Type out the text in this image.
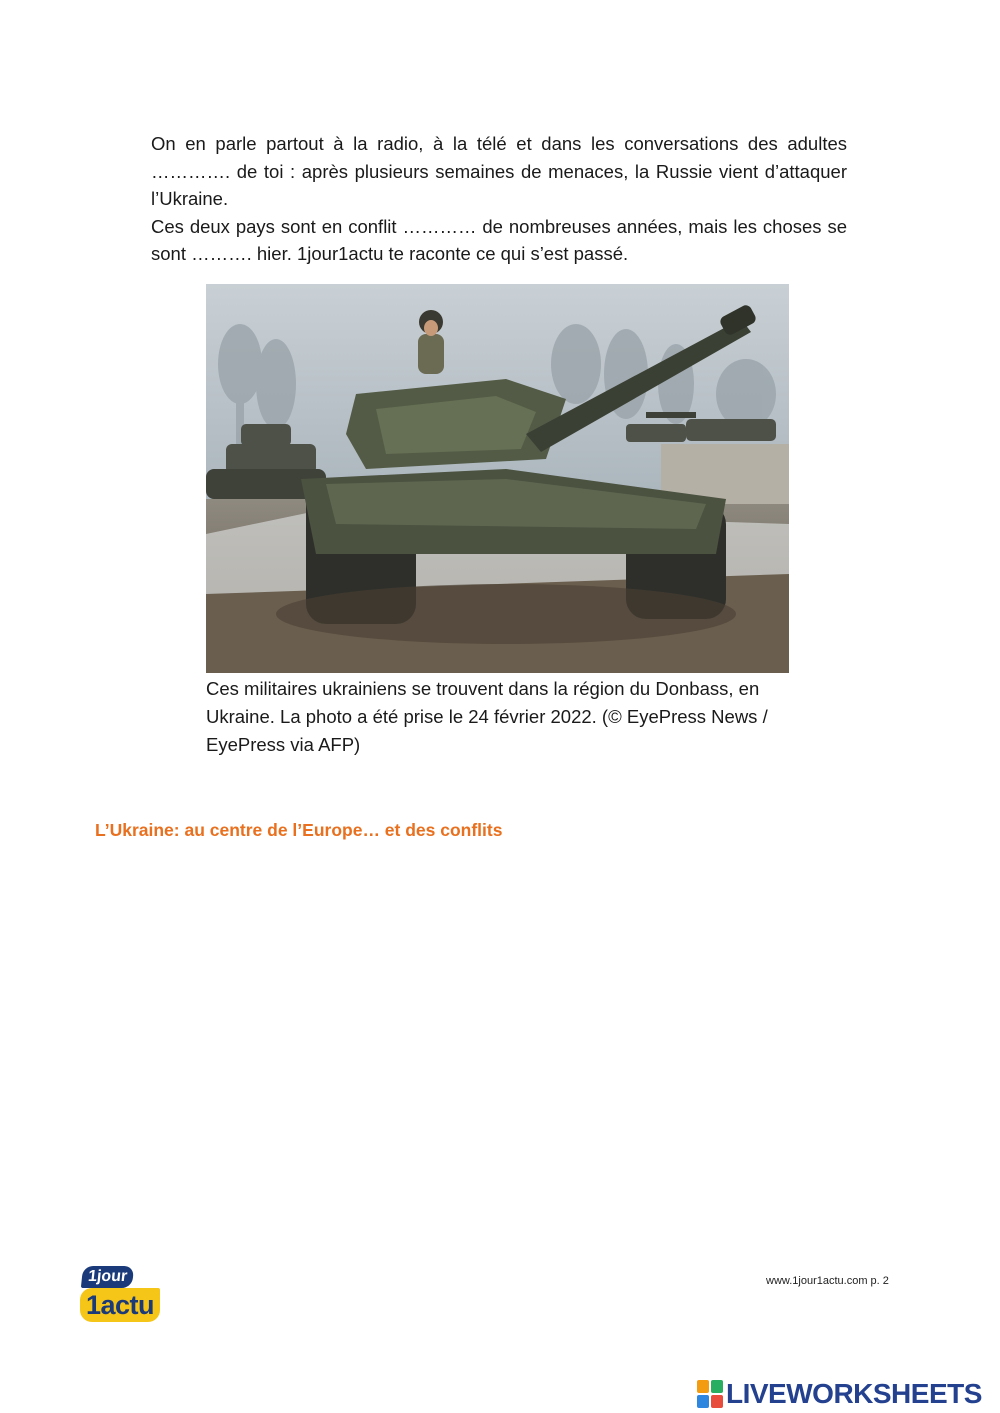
On en parle partout à la radio, à la télé et dans les conversations des adultes …………. de toi : après plusieurs semaines de menaces, la Russie vient d’attaquer l’Ukraine.

Ces deux pays sont en conflit ………… de nombreuses années, mais les choses se sont ………. hier. 1jour1actu te raconte ce qui s’est passé.

Ces militaires ukrainiens se trouvent dans la région du Donbass, en Ukraine. La photo a été prise le 24 février 2022. (© EyePress News / EyePress via AFP)

L’Ukraine: au centre de l’Europe… et des conflits
1jour
1actu

www.1jour1actu.com p. 2

LIVEWORKSHEETS
